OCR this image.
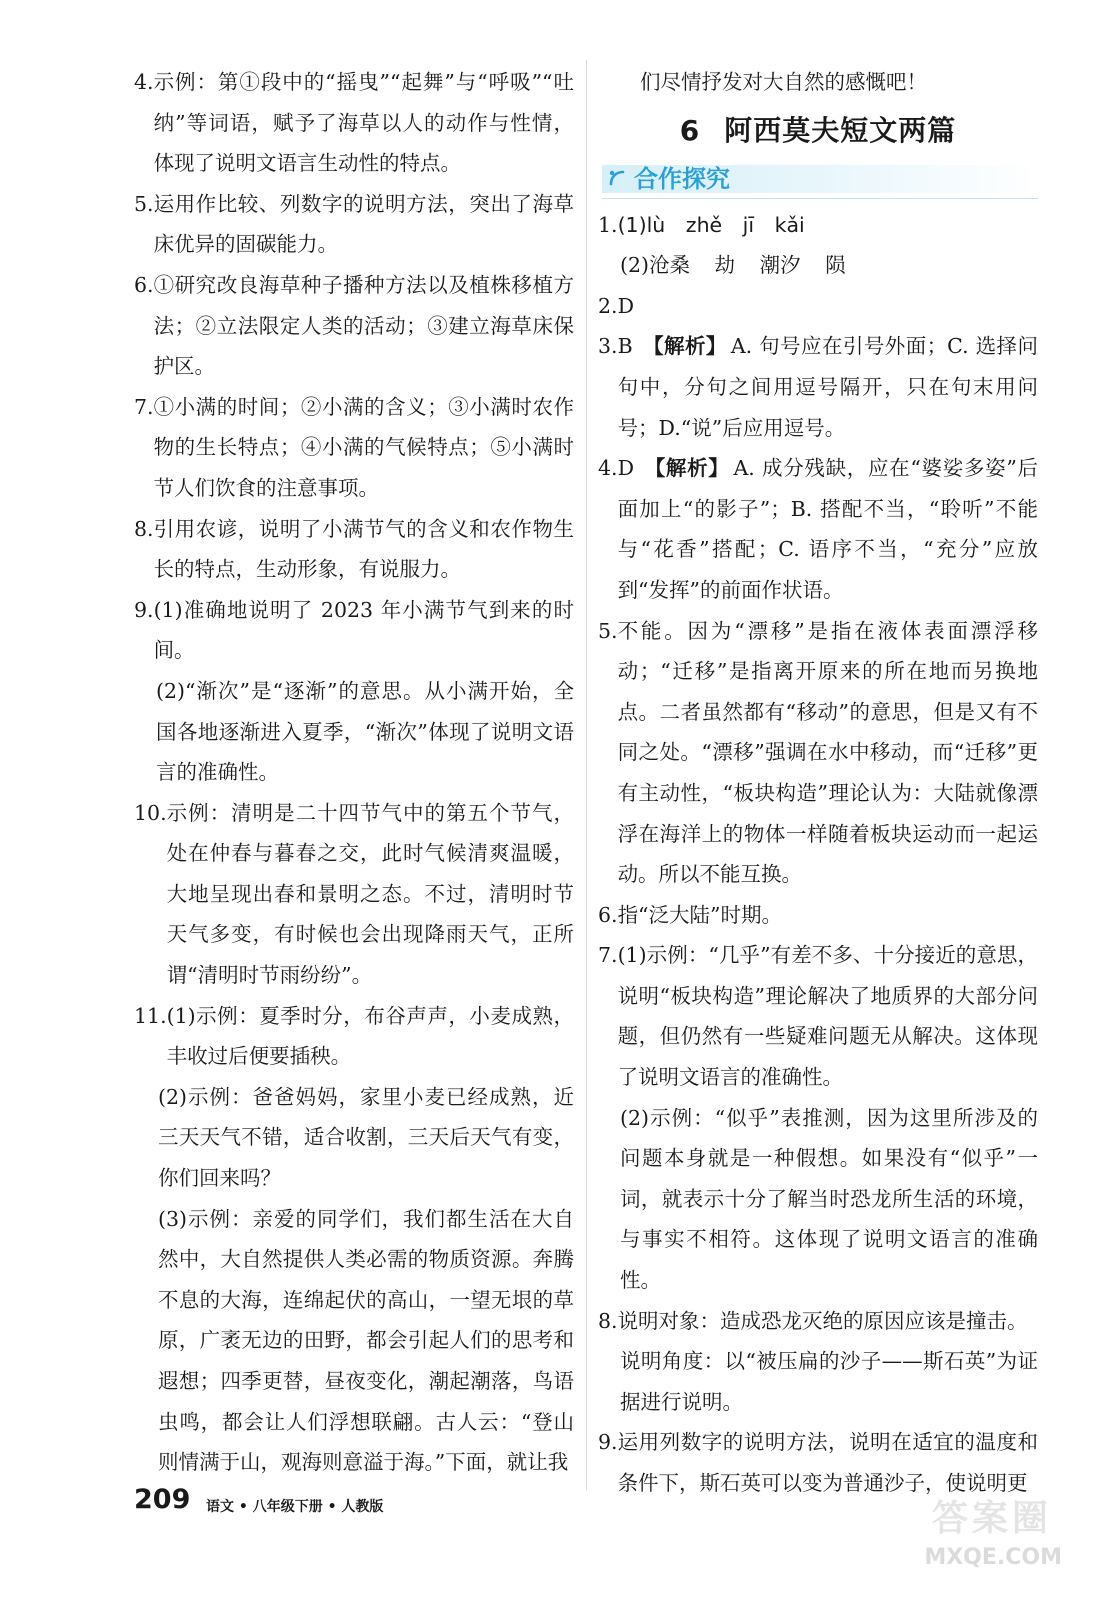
4. 示例：第①段中的“摇曳”“起舞”与“呼吸”“吐纳”等词语，赋予了海草以人的动作与性情，体现了说明文语言生动性的特点。
5. 运用作比较、列数字的说明方法，突出了海草床优异的固碳能力。
6. ①研究改良海草种子播种方法以及植株移植方法；②立法限定人类的活动；③建立海草床保护区。
7. ①小满的时间；②小满的含义；③小满时农作物的生长特点；④小满的气候特点；⑤小满时节人们饮食的注意事项。
8. 引用农谚，说明了小满节气的含义和农作物生长的特点，生动形象，有说服力。
9. (1)准确地说明了 2023 年小满节气到来的时间。
(2)“渐次”是“逐渐”的意思。从小满开始，全国各地逐渐进入夏季，“渐次”体现了说明文语言的准确性。
10. 示例：清明是二十四节气中的第五个节气，处在仲春与暮春之交，此时气候清爽温暖，大地呈现出春和景明之态。不过，清明时节天气多变，有时候也会出现降雨天气，正所谓“清明时节雨纷纷”。
11. (1)示例：夏季时分，布谷声声，小麦成熟，丰收过后便要插秧。
(2)示例：爸爸妈妈，家里小麦已经成熟，近三天天气不错，适合收割，三天后天气有变，你们回来吗？
(3)示例：亲爱的同学们，我们都生活在大自然中，大自然提供人类必需的物质资源。奔腾不息的大海，连绵起伏的高山，一望无垠的草原，广袤无边的田野，都会引起人们的思考和遐想；四季更替，昼夜变化，潮起潮落，鸟语虫鸣，都会让人们浮想联翩。古人云：“登山则情满于山，观海则意溢于海。”下面，就让我
们尽情抒发对大自然的感慨吧！
6 阿西莫夫短文两篇
合作探究
1. (1)lù zhě jī kǎi
(2)沧桑 劫 潮汐 陨
2. D
3. B 【解析】 A. 句号应在引号外面；C. 选择问句中，分句之间用逗号隔开，只在句末用问号；D.“说”后应用逗号。
4. D 【解析】 A. 成分残缺，应在“婆娑多姿”后面加上“的影子”；B. 搭配不当，“聆听”不能与“花香”搭配；C. 语序不当，“充分”应放到“发挥”的前面作状语。
5. 不能。因为“漂移”是指在液体表面漂浮移动；“迁移”是指离开原来的所在地而另换地点。二者虽然都有“移动”的意思，但是又有不同之处。“漂移”强调在水中移动，而“迁移”更有主动性，“板块构造”理论认为：大陆就像漂浮在海洋上的物体一样随着板块运动而一起运动。所以不能互换。
6. 指“泛大陆”时期。
7. (1)示例：“几乎”有差不多、十分接近的意思，说明“板块构造”理论解决了地质界的大部分问题，但仍然有一些疑难问题无从解决。这体现了说明文语言的准确性。
(2)示例：“似乎”表推测，因为这里所涉及的问题本身就是一种假想。如果没有“似乎”一词，就表示十分了解当时恐龙所生活的环境，与事实不相符。这体现了说明文语言的准确性。
8. 说明对象：造成恐龙灭绝的原因应该是撞击。
说明角度：以“被压扁的沙子——斯石英”为证据进行说明。
9. 运用列数字的说明方法，说明在适宜的温度和条件下，斯石英可以变为普通沙子，使说明更
209 语文 • 八年级下册 • 人教版	答案圈
MXQE.COM
